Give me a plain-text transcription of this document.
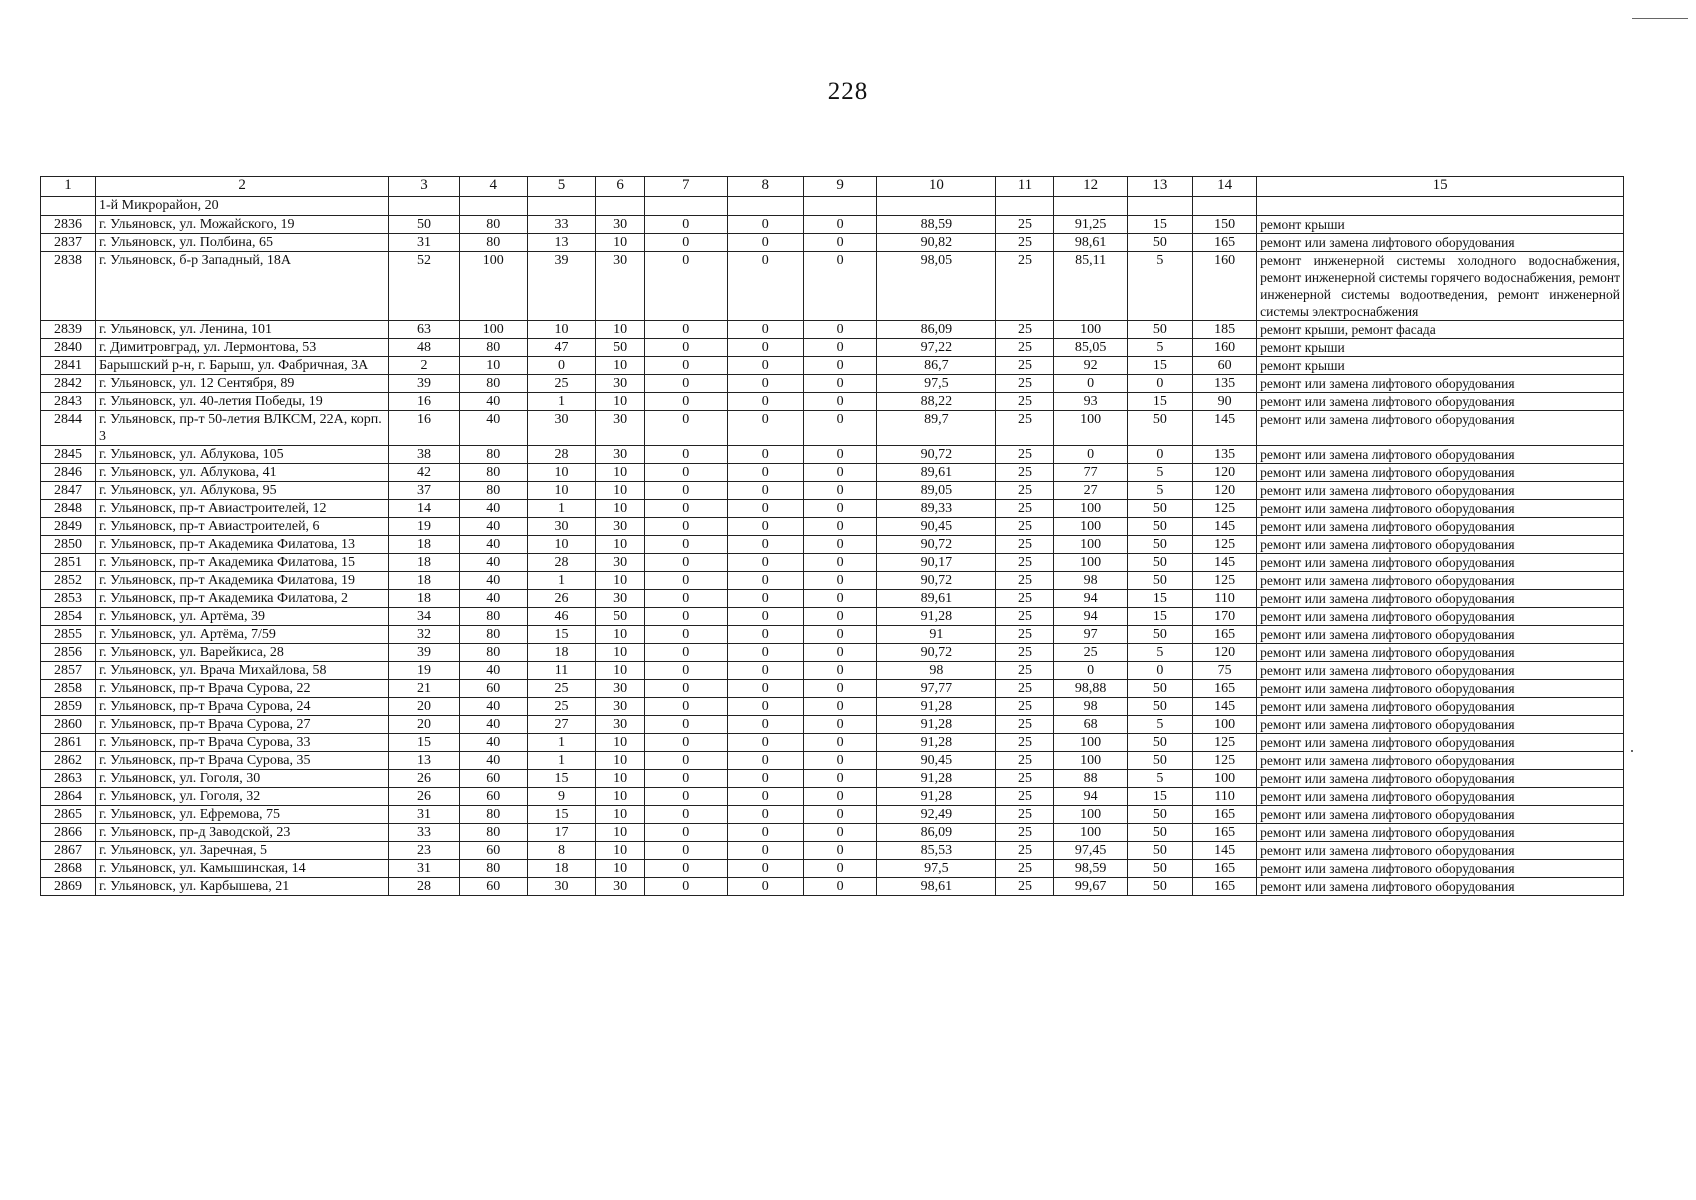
228
1	2	3	4	5	6	7	8	9	10	11	12	13	14	15
	1-й Микрорайон, 20													
2836	г. Ульяновск, ул. Можайского, 19	50	80	33	30	0	0	0	88,59	25	91,25	15	150	ремонт крыши
2837	г. Ульяновск, ул. Полбина, 65	31	80	13	10	0	0	0	90,82	25	98,61	50	165	ремонт или замена лифтового оборудования
2838	г. Ульяновск, б-р Западный, 18А	52	100	39	30	0	0	0	98,05	25	85,11	5	160	ремонт инженерной системы холодного водоснабжения, ремонт инженерной системы горячего водоснабжения, ремонт инженерной системы водоотведения, ремонт инженерной системы электроснабжения
2839	г. Ульяновск, ул. Ленина, 101	63	100	10	10	0	0	0	86,09	25	100	50	185	ремонт крыши, ремонт фасада
2840	г. Димитровград, ул. Лермонтова, 53	48	80	47	50	0	0	0	97,22	25	85,05	5	160	ремонт крыши
2841	Барышский р-н, г. Барыш, ул. Фабричная, 3А	2	10	0	10	0	0	0	86,7	25	92	15	60	ремонт крыши
2842	г. Ульяновск, ул. 12 Сентября, 89	39	80	25	30	0	0	0	97,5	25	0	0	135	ремонт или замена лифтового оборудования
2843	г. Ульяновск, ул. 40-летия Победы, 19	16	40	1	10	0	0	0	88,22	25	93	15	90	ремонт или замена лифтового оборудования
2844	г. Ульяновск, пр-т 50-летия ВЛКСМ, 22А, корп. 3	16	40	30	30	0	0	0	89,7	25	100	50	145	ремонт или замена лифтового оборудования
2845	г. Ульяновск, ул. Аблукова, 105	38	80	28	30	0	0	0	90,72	25	0	0	135	ремонт или замена лифтового оборудования
2846	г. Ульяновск, ул. Аблукова, 41	42	80	10	10	0	0	0	89,61	25	77	5	120	ремонт или замена лифтового оборудования
2847	г. Ульяновск, ул. Аблукова, 95	37	80	10	10	0	0	0	89,05	25	27	5	120	ремонт или замена лифтового оборудования
2848	г. Ульяновск, пр-т Авиастроителей, 12	14	40	1	10	0	0	0	89,33	25	100	50	125	ремонт или замена лифтового оборудования
2849	г. Ульяновск, пр-т Авиастроителей, 6	19	40	30	30	0	0	0	90,45	25	100	50	145	ремонт или замена лифтового оборудования
2850	г. Ульяновск, пр-т Академика Филатова, 13	18	40	10	10	0	0	0	90,72	25	100	50	125	ремонт или замена лифтового оборудования
2851	г. Ульяновск, пр-т Академика Филатова, 15	18	40	28	30	0	0	0	90,17	25	100	50	145	ремонт или замена лифтового оборудования
2852	г. Ульяновск, пр-т Академика Филатова, 19	18	40	1	10	0	0	0	90,72	25	98	50	125	ремонт или замена лифтового оборудования
2853	г. Ульяновск, пр-т Академика Филатова, 2	18	40	26	30	0	0	0	89,61	25	94	15	110	ремонт или замена лифтового оборудования
2854	г. Ульяновск, ул. Артёма, 39	34	80	46	50	0	0	0	91,28	25	94	15	170	ремонт или замена лифтового оборудования
2855	г. Ульяновск, ул. Артёма, 7/59	32	80	15	10	0	0	0	91	25	97	50	165	ремонт или замена лифтового оборудования
2856	г. Ульяновск, ул. Варейкиса, 28	39	80	18	10	0	0	0	90,72	25	25	5	120	ремонт или замена лифтового оборудования
2857	г. Ульяновск, ул. Врача Михайлова, 58	19	40	11	10	0	0	0	98	25	0	0	75	ремонт или замена лифтового оборудования
2858	г. Ульяновск, пр-т Врача Сурова, 22	21	60	25	30	0	0	0	97,77	25	98,88	50	165	ремонт или замена лифтового оборудования
2859	г. Ульяновск, пр-т Врача Сурова, 24	20	40	25	30	0	0	0	91,28	25	98	50	145	ремонт или замена лифтового оборудования
2860	г. Ульяновск, пр-т Врача Сурова, 27	20	40	27	30	0	0	0	91,28	25	68	5	100	ремонт или замена лифтового оборудования
2861	г. Ульяновск, пр-т Врача Сурова, 33	15	40	1	10	0	0	0	91,28	25	100	50	125	ремонт или замена лифтового оборудования
2862	г. Ульяновск, пр-т Врача Сурова, 35	13	40	1	10	0	0	0	90,45	25	100	50	125	ремонт или замена лифтового оборудования
2863	г. Ульяновск, ул. Гоголя, 30	26	60	15	10	0	0	0	91,28	25	88	5	100	ремонт или замена лифтового оборудования
2864	г. Ульяновск, ул. Гоголя, 32	26	60	9	10	0	0	0	91,28	25	94	15	110	ремонт или замена лифтового оборудования
2865	г. Ульяновск, ул. Ефремова, 75	31	80	15	10	0	0	0	92,49	25	100	50	165	ремонт или замена лифтового оборудования
2866	г. Ульяновск, пр-д Заводской, 23	33	80	17	10	0	0	0	86,09	25	100	50	165	ремонт или замена лифтового оборудования
2867	г. Ульяновск, ул. Заречная, 5	23	60	8	10	0	0	0	85,53	25	97,45	50	145	ремонт или замена лифтового оборудования
2868	г. Ульяновск, ул. Камышинская, 14	31	80	18	10	0	0	0	97,5	25	98,59	50	165	ремонт или замена лифтового оборудования
2869	г. Ульяновск, ул. Карбышева, 21	28	60	30	30	0	0	0	98,61	25	99,67	50	165	ремонт или замена лифтового оборудования
